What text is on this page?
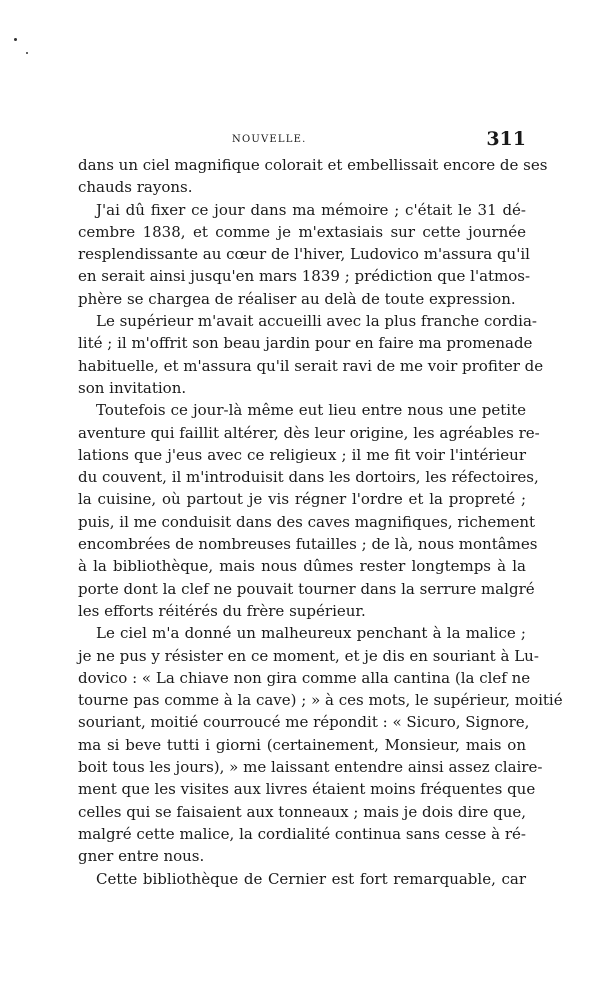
NOUVELLE.	311
dans un ciel magnifique colorait et embellissait encore de ses
chauds rayons.
J'ai dû fixer ce jour dans ma mémoire ; c'était le 31 dé-
cembre 1838, et comme je m'extasiais sur cette journée
resplendissante au cœur de l'hiver, Ludovico m'assura qu'il
en serait ainsi jusqu'en mars 1839 ; prédiction que l'atmos-
phère se chargea de réaliser au delà de toute expression.
Le supérieur m'avait accueilli avec la plus franche cordia-
lité ; il m'offrit son beau jardin pour en faire ma promenade
habituelle, et m'assura qu'il serait ravi de me voir profiter de
son invitation.
Toutefois ce jour-là même eut lieu entre nous une petite
aventure qui faillit altérer, dès leur origine, les agréables re-
lations que j'eus avec ce religieux ; il me fit voir l'intérieur
du couvent, il m'introduisit dans les dortoirs, les réfectoires,
la cuisine, où partout je vis régner l'ordre et la propreté ;
puis, il me conduisit dans des caves magnifiques, richement
encombrées de nombreuses futailles ; de là, nous montâmes
à la bibliothèque, mais nous dûmes rester longtemps à la
porte dont la clef ne pouvait tourner dans la serrure malgré
les efforts réitérés du frère supérieur.
Le ciel m'a donné un malheureux penchant à la malice ;
je ne pus y résister en ce moment, et je dis en souriant à Lu-
dovico : « La chiave non gira comme alla cantina (la clef ne
tourne pas comme à la cave) ; » à ces mots, le supérieur, moitié
souriant, moitié courroucé me répondit : « Sicuro, Signore,
ma si beve tutti i giorni (certainement, Monsieur, mais on
boit tous les jours), » me laissant entendre ainsi assez claire-
ment que les visites aux livres étaient moins fréquentes que
celles qui se faisaient aux tonneaux ; mais je dois dire que,
malgré cette malice, la cordialité continua sans cesse à ré-
gner entre nous.
Cette bibliothèque de Cernier est fort remarquable, car
